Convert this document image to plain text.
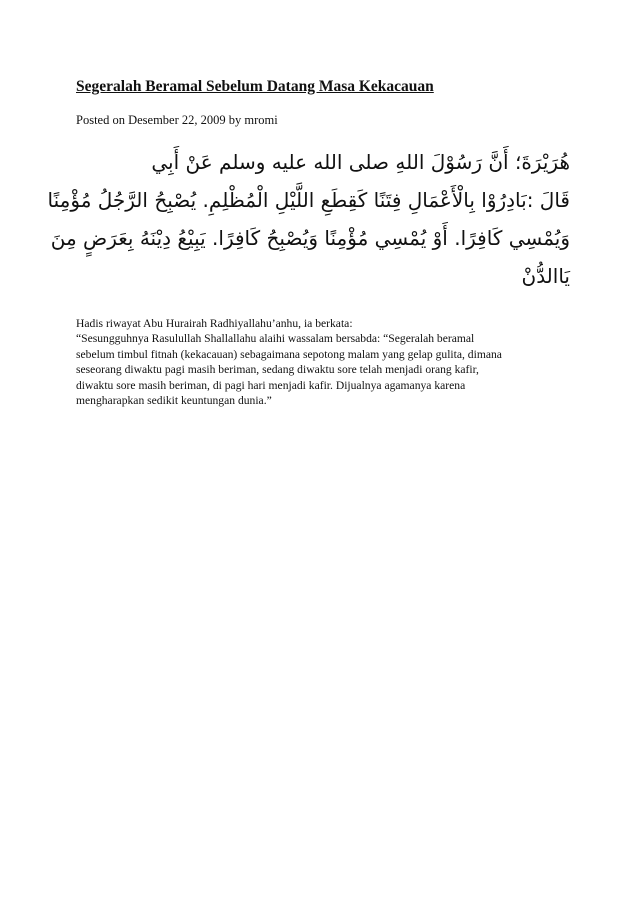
Segeralah Beramal Sebelum Datang Masa Kekacauan
Posted on Desember 22, 2009 by mromi
هُرَيْرَةَ؛ أَنَّ رَسُوْلَ اللهِ صلى الله عليه وسلم عَنْ أَبِي
قَالَ :بَادِرُوْا بِالْأَعْمَالِ فِتَنًا كَقِطَعِ اللَّيْلِ الْمُظْلِمِ. يُصْبِحُ الرَّجُلُ مُؤْمِنًا
وَيُمْسِي كَافِرًا. أَوْ يُمْسِي مُؤْمِنًا وَيُصْبِحُ كَافِرًا. يَبِيْعُ دِيْنَهُ بِعَرَضٍ مِنَ
يَاالدُّنْ
Hadis riwayat Abu Hurairah Radhiyallahu’anhu, ia berkata:
“Sesungguhnya Rasulullah Shallallahu alaihi wassalam bersabda: “Segeralah beramal
sebelum timbul fitnah (kekacauan) sebagaimana sepotong malam yang gelap gulita, dimana
seseorang diwaktu pagi masih beriman, sedang diwaktu sore telah menjadi orang kafir,
diwaktu sore masih beriman, di pagi hari menjadi kafir. Dijualnya agamanya karena
mengharapkan sedikit keuntungan dunia.”
